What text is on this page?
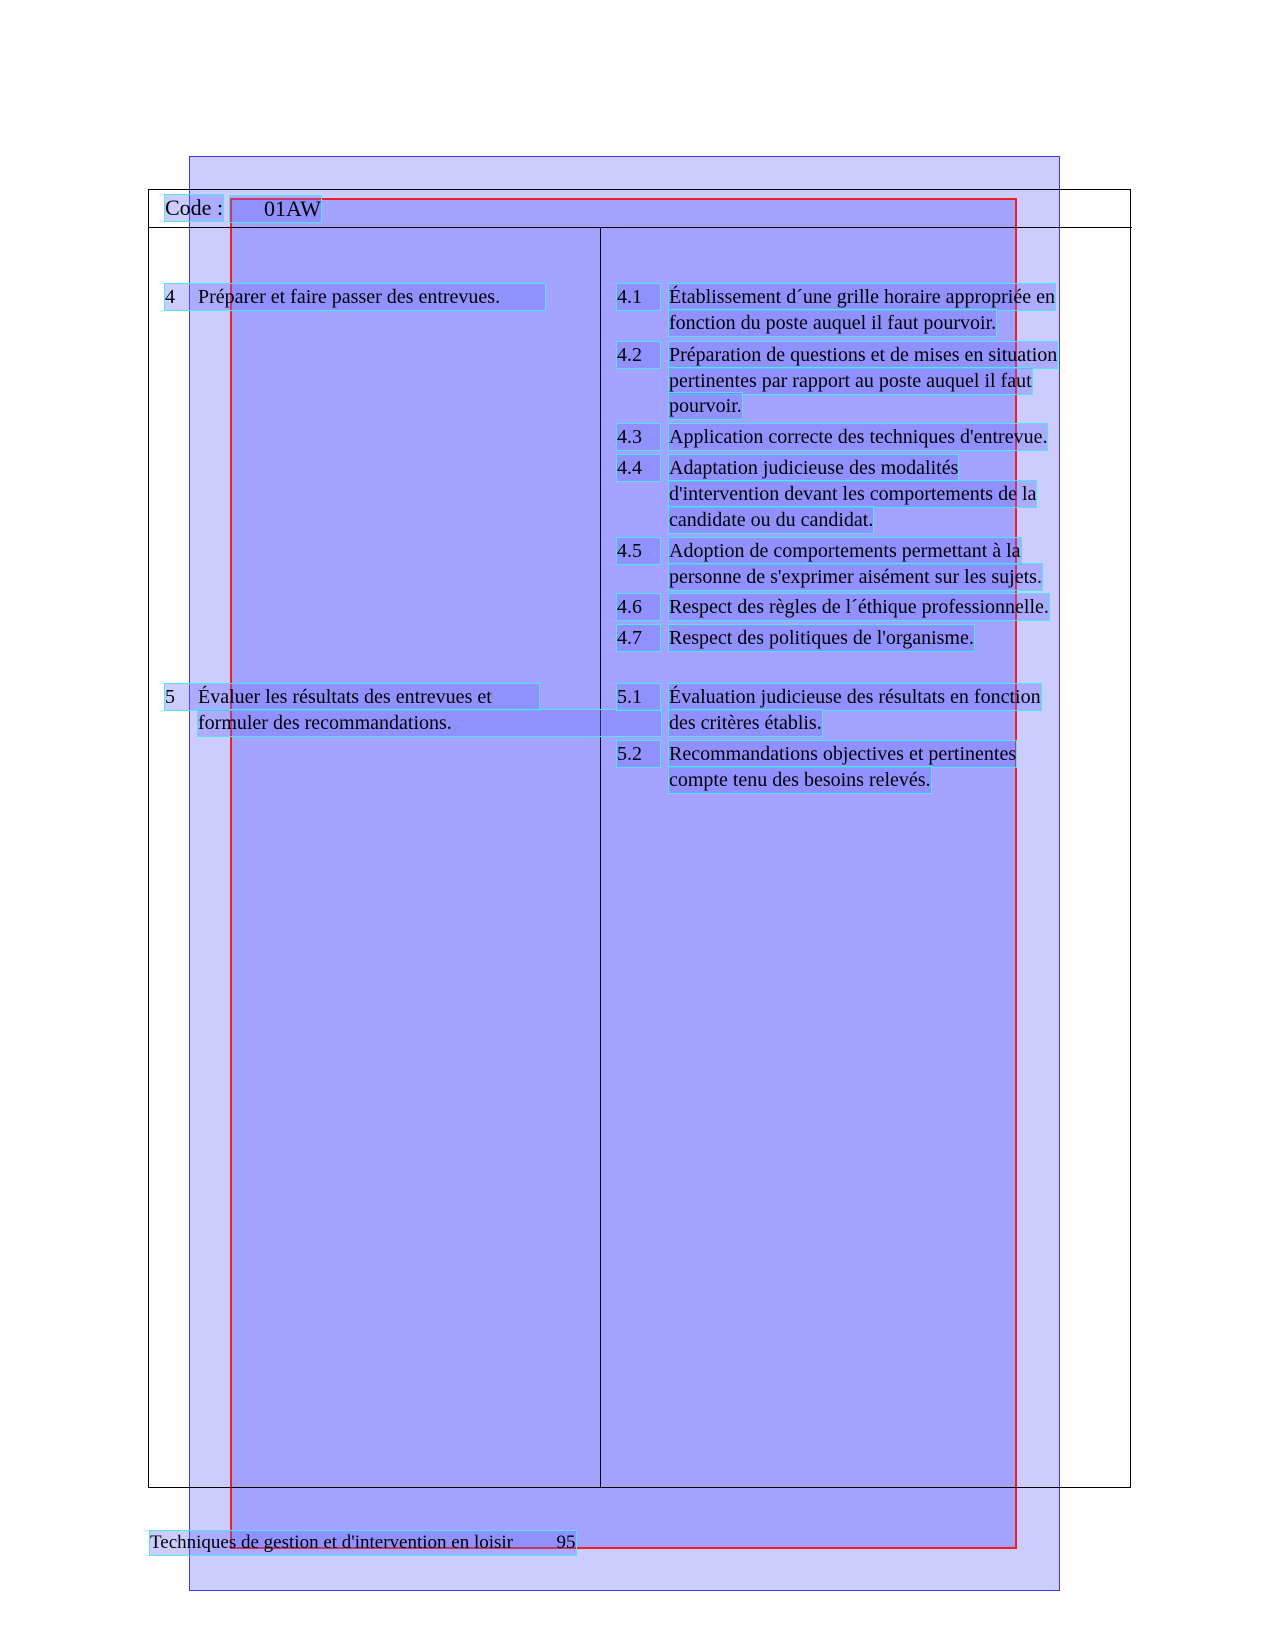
Code :	01AW
4 Préparer et faire passer des entrevues.	4.1	Établissement d´une grille horaire appropriée en
fonction du poste auquel il faut pourvoir.
4.2	Préparation de questions et de mises en situation
pertinentes par rapport au poste auquel il faut
pourvoir.
4.3	Application correcte des techniques d'entrevue.
4.4	Adaptation judicieuse des modalités
d'intervention devant les comportements de la
candidate ou du candidat.
4.5	Adoption de comportements permettant à la
personne de s'exprimer aisément sur les sujets.
4.6	Respect des règles de l´éthique professionnelle.
4.7	Respect des politiques de l'organisme.
5 Évaluer les résultats des entrevues et
formuler des recommandations.
5.1	Évaluation judicieuse des résultats en fonction
des critères établis.
5.2	Recommandations objectives et pertinentes
compte tenu des besoins relevés.
Techniques de gestion et d'intervention en loisir 95
